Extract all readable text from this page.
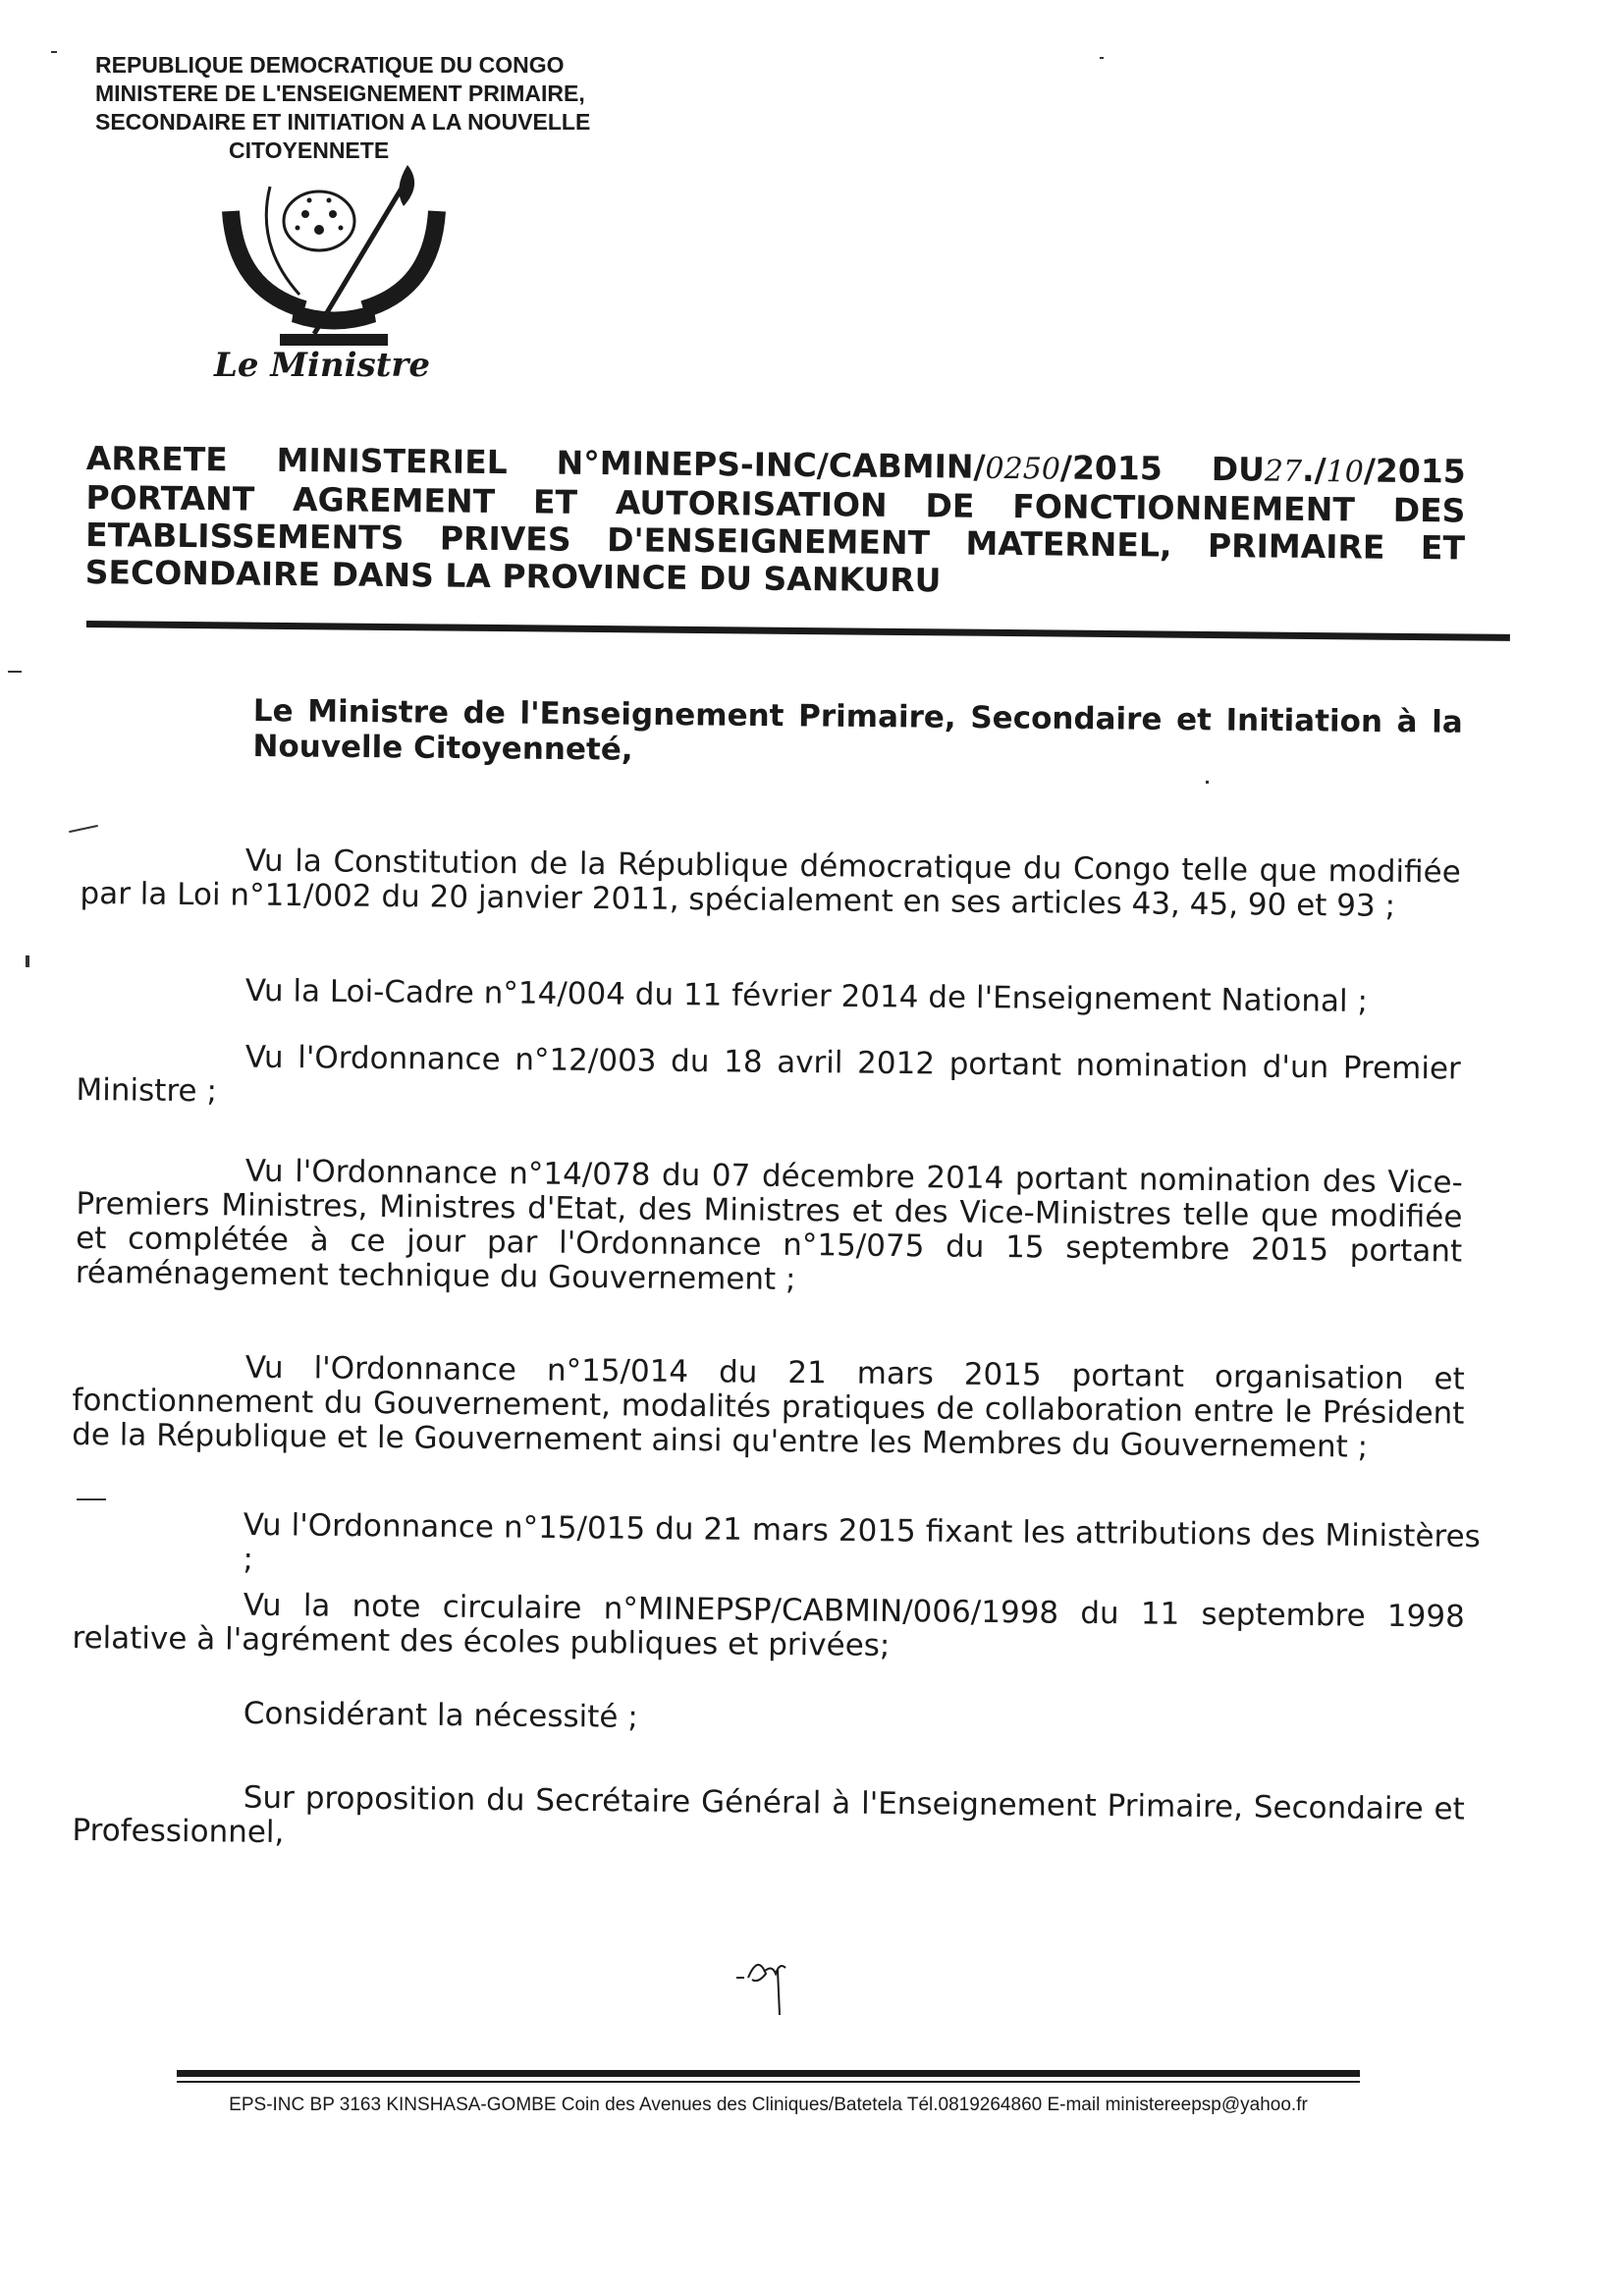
REPUBLIQUE DEMOCRATIQUE DU CONGO
MINISTERE DE L'ENSEIGNEMENT PRIMAIRE,
SECONDAIRE ET INITIATION A LA NOUVELLE
CITOYENNETE
Le Ministre
ARRETE MINISTERIEL N°MINEPS-INC/CABMIN/0250/2015 DU27./10/2015
PORTANT AGREMENT ET AUTORISATION DE FONCTIONNEMENT DES
ETABLISSEMENTS PRIVES D'ENSEIGNEMENT MATERNEL, PRIMAIRE ET
SECONDAIRE DANS LA PROVINCE DU SANKURU
Le Ministre de l'Enseignement Primaire, Secondaire et Initiation à la Nouvelle Citoyenneté,
Vu la Constitution de la République démocratique du Congo telle que modifiée par la Loi n°11/002 du 20 janvier 2011, spécialement en ses articles 43, 45, 90 et 93 ;
Vu la Loi-Cadre n°14/004 du 11 février 2014 de l'Enseignement National ;
Vu l'Ordonnance n°12/003 du 18 avril 2012 portant nomination d'un Premier Ministre ;
Vu l'Ordonnance n°14/078 du 07 décembre 2014 portant nomination des Vice-Premiers Ministres, Ministres d'Etat, des Ministres et des Vice-Ministres telle que modifiée et complétée à ce jour par l'Ordonnance n°15/075 du 15 septembre 2015 portant réaménagement technique du Gouvernement ;
Vu l'Ordonnance n°15/014 du 21 mars 2015 portant organisation et fonctionnement du Gouvernement, modalités pratiques de collaboration entre le Président de la République et le Gouvernement ainsi qu'entre les Membres du Gouvernement ;
Vu l'Ordonnance n°15/015 du 21 mars 2015 fixant les attributions des Ministères ;
Vu la note circulaire n°MINEPSP/CABMIN/006/1998 du 11 septembre 1998 relative à l'agrément des écoles publiques et privées;
Considérant la nécessité ;
Sur proposition du Secrétaire Général à l'Enseignement Primaire, Secondaire et Professionnel,
EPS-INC BP 3163 KINSHASA-GOMBE Coin des Avenues des Cliniques/Batetela Tél.0819264860 E-mail ministereepsp@yahoo.fr
